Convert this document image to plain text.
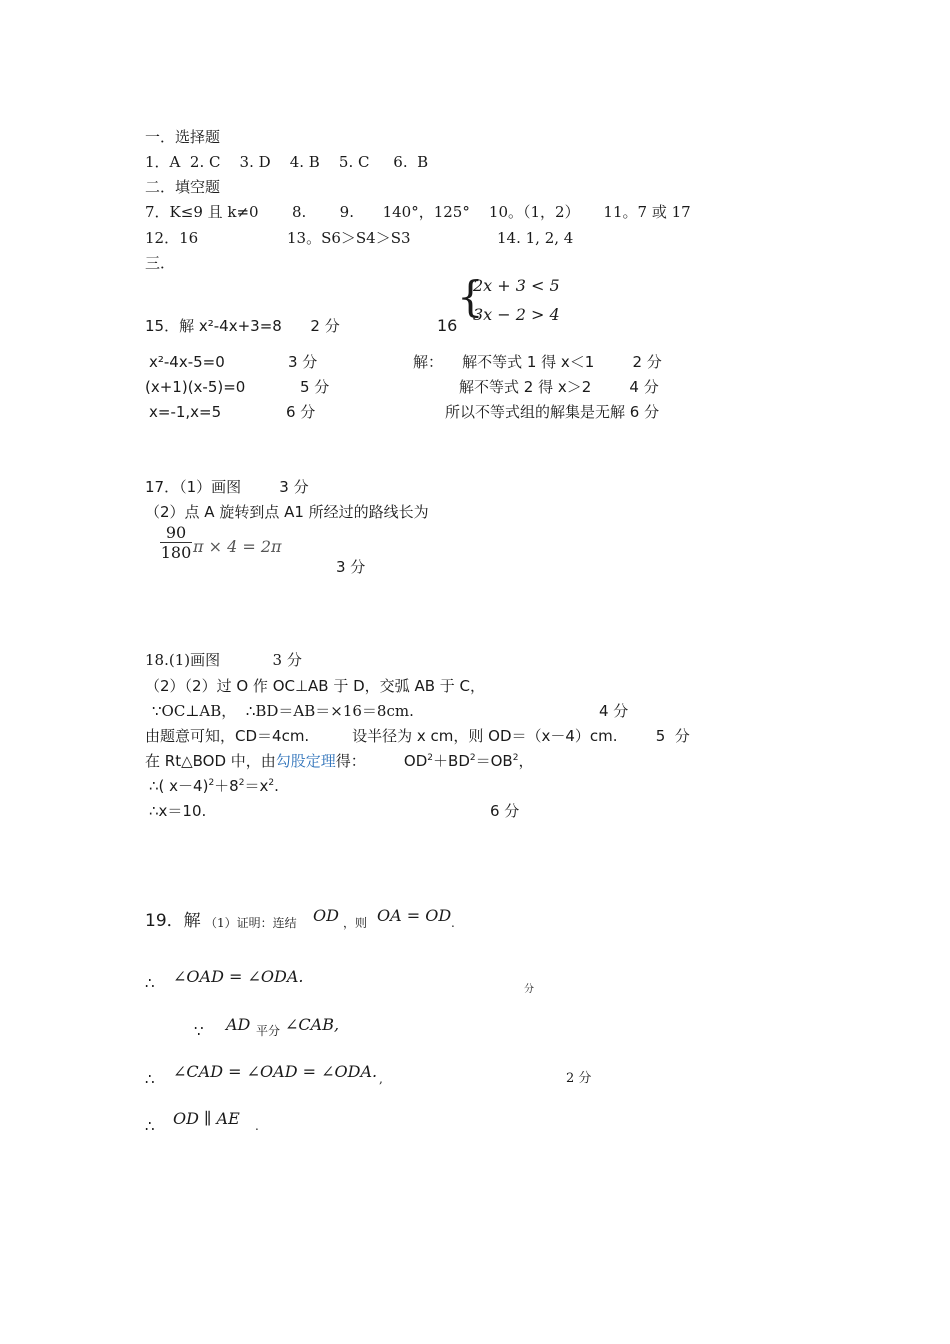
一．选择题
1．A  2. C    3. D    4. B    5. C     6.  B
二．填空题
7．K≤9 且 k≠0       8.       9.      140°，125°    10。（1，2）     11。7 或 17
12．16	13。S6＞S4＞S3	14. 1, 2, 4
三．
{
2x + 3 < 5
3x − 2 > 4
15．解 x²-4x+3=8      2 分	16
x²-4x-5=0	3 分
(x+1)(x-5)=0	5 分
x=-1,x=5	6 分
解：    解不等式 1 得 x＜1        2 分
解不等式 2 得 x＞2        4 分
所以不等式组的解集是无解 6 分
17．（1）画图        3 分
（2）点 A 旋转到点 A1 所经过的路线长为
90
180 π × 4 = 2π
3 分
18.(1)画图           3 分
（2）（2）过 O 作 OC⊥AB 于 D，交弧 AB 于 C，
∵OC⊥AB，  ∴BD＝AB＝×16＝8cm.	4 分
由题意可知，CD＝4cm.         设半径为 x cm，则 OD＝（x－4）cm.        5  分
在 Rt△BOD 中，由勾股定理得：        $OD^2+BD^2=OB^2$，
∴( $x-4)^2+8^2=x^2$.
∴x＝10.	6 分
19．解 （1）证明：连结 OD ，则 OA = OD .
∴ ∠OAD = ∠ODA.
分
∵ AD 平分 ∠CAB,
∴ ∠CAD = ∠OAD = ∠ODA. ,	2 分
∴ OD ∥ AE .
